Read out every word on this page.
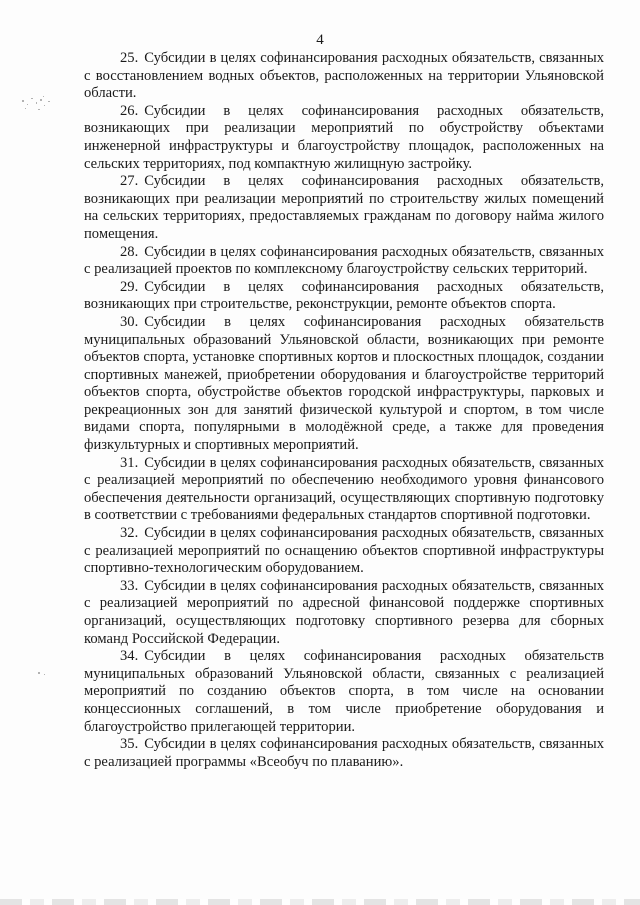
4

25. Субсидии в целях софинансирования расходных обязательств, связанных с восстановлением водных объектов, расположенных на территории Ульяновской области.

26. Субсидии в целях софинансирования расходных обязательств, возникающих при реализации мероприятий по обустройству объектами инженерной инфраструктуры и благоустройству площадок, расположенных на сельских территориях, под компактную жилищную застройку.

27. Субсидии в целях софинансирования расходных обязательств, возникающих при реализации мероприятий по строительству жилых помещений на сельских территориях, предоставляемых гражданам по договору найма жилого помещения.

28. Субсидии в целях софинансирования расходных обязательств, связанных с реализацией проектов по комплексному благоустройству сельских территорий.

29. Субсидии в целях софинансирования расходных обязательств, возникающих при строительстве, реконструкции, ремонте объектов спорта.

30. Субсидии в целях софинансирования расходных обязательств муниципальных образований Ульяновской области, возникающих при ремонте объектов спорта, установке спортивных кортов и плоскостных площадок, создании спортивных манежей, приобретении оборудования и благоустройстве территорий объектов спорта, обустройстве объектов городской инфраструктуры, парковых и рекреационных зон для занятий физической культурой и спортом, в том числе видами спорта, популярными в молодёжной среде, а также для проведения физкультурных и спортивных мероприятий.

31. Субсидии в целях софинансирования расходных обязательств, связанных с реализацией мероприятий по обеспечению необходимого уровня финансового обеспечения деятельности организаций, осуществляющих спортивную подготовку в соответствии с требованиями федеральных стандартов спортивной подготовки.

32. Субсидии в целях софинансирования расходных обязательств, связанных с реализацией мероприятий по оснащению объектов спортивной инфраструктуры спортивно-технологическим оборудованием.

33. Субсидии в целях софинансирования расходных обязательств, связанных с реализацией мероприятий по адресной финансовой поддержке спортивных организаций, осуществляющих подготовку спортивного резерва для сборных команд Российской Федерации.

34. Субсидии в целях софинансирования расходных обязательств муниципальных образований Ульяновской области, связанных с реализацией мероприятий по созданию объектов спорта, в том числе на основании концессионных соглашений, в том числе приобретение оборудования и благоустройство прилегающей территории.

35. Субсидии в целях софинансирования расходных обязательств, связанных с реализацией программы «Всеобуч по плаванию».
